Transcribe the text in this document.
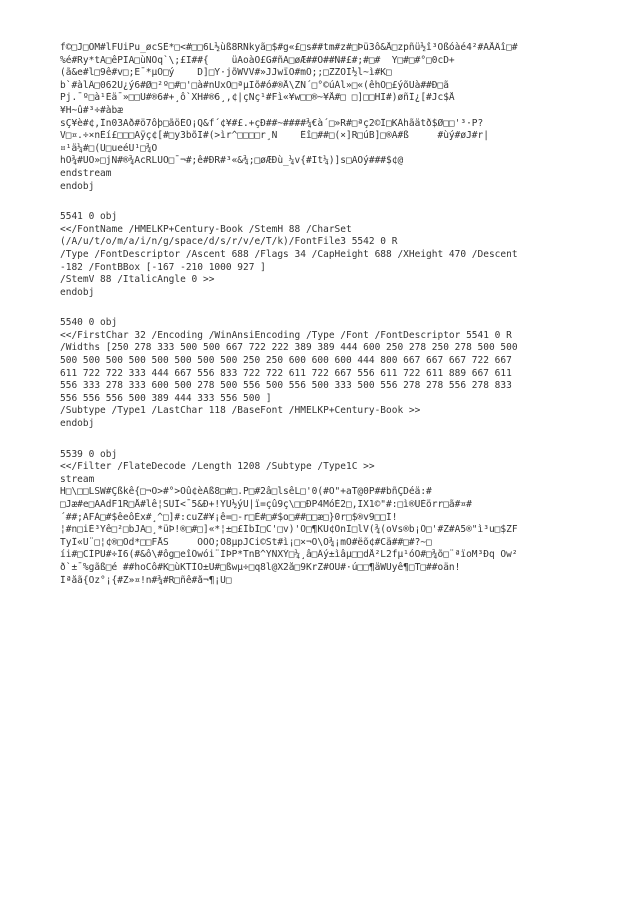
f©□J□ÖM#lFÜiPu_øcSÈ*□<#□□6L½ùß8RNkyã□$#g«£□s##tm#z#□Þü3ô&Å□zpñü½î³Ôßóàé4²#ÄÅÂî□#
%é#Ry*tÄ□êPIÄ□ùNÓq`\;£I##{    üÄoàÓ£G#ñÄ□øÆ##Ö##Ñ#£#;#□#  Y□#□#°□0cD+
(ã&e#l□9ê#v□;E¯*µO□ý    D]□Y·jõWVV#»JJwïÖ#mÕ;;□ZZÖÌ½l~ì#K□
b`#àlÂ□062U¿ý6#Ø□²º□#□'□à#nUxO□ªµÏõ#ó#®Å\ZÑ´□°©úÀl»□«(êhÕ□£ýõÜà##Ð□ã
Pj.¯º□à¹Èä¯»□□Ü#®6#+¸ô`XH#®6¸,¢|çNç¹#Fì«¥w□□®~¥Å#□ □]□□HÏ#)øñÎ¿[#Jc$Å
¥H~û#³÷#àbæ
sÇ¥è#¢,În03Äð#ö7ôþ□ãöÉÖ¡Q&f´¢¥#£.+çÐ##~####¾€à´□»R#□ªç2©Î□KÃhãätð$Ø□□'³·P?
V□¤.÷×nÈí£□□□Äÿç¢[#□y3bõÏ#(>ìr^□□□□r¸Ñ    Êî□##□(×]R□úB]□®A#ß     #ùý#øJ#r|
¤¹ä¼#□(Û□ueéÜ¹□¾O
hÓ¾#UÖ»□jN#®¾ÄcRLUÒ□¯¬#;ê#ÐR#³«&¾;□øÆÐù_¼v{#Ït¼)]s□ÃÖý###$¢@
endstream
endobj
5541 0 obj
<</FontName /HMELKP+Century-Book /StemH 88 /CharSet
(/A/u/t/o/m/a/i/n/g/space/d/s/r/v/e/T/k)/FontFile3 5542 0 R
/Type /FontDescriptor /Ascent 688 /Flags 34 /CapHeight 688 /XHeight 470 /Descent
-182 /FontBBox [-167 -210 1000 927 ]
/StemV 88 /ItalicAngle 0 >>
endobj
5540 0 obj
<</FirstChar 32 /Encoding /WinAnsiEncoding /Type /Font /FontDescriptor 5541 0 R
/Widths [250 278 333 500 500 667 722 222 389 389 444 600 250 278 250 278 500 500
500 500 500 500 500 500 500 500 250 250 600 600 600 444 800 667 667 667 722 667
611 722 722 333 444 667 556 833 722 722 611 722 667 556 611 722 611 889 667 611
556 333 278 333 600 500 278 500 556 500 556 500 333 500 556 278 278 556 278 833
556 556 556 500 389 444 333 556 500 ]
/Subtype /Type1 /LastChar 118 /BaseFont /HMELKP+Century-Book >>
endobj
5539 0 obj
<</Filter /FlateDecode /Length 1208 /Subtype /Type1C >>
stream
H□\□□LSW#Çßkê{□¬Ó>#°>Öû¢èÄß8□#□.P□#2â□lsêL□'0(#Ö"+aT@0P##bñÇDéä:#
□Jæ#e□ÄÄdF1R□Å#lê¦SÜÎ<¯5&Ð+!YÙ½ýÜ|ï=çû9ç\□□ÐP4MóÈ2□,ÏX1©"#:□ì®ÜÈörr□ã#¤#
´##;ÄFÀ□#$êeôÈx#¸^□]#:cuZ#¥¡ê=□-r□È#□#$o□##□□æ□}0r□$®v9□□Í!
¦#n□iÈ³Yê□²□bJA□¸*üÞ!®□#□]«*¦±□£ÍbÌ□C'□v)'O□¶KÜ¢ÕnÌ□lV(¾(oVs®b¡Õ□'#Z#Ä5®"ì³u□$ZF
TyÎ«U¨□¦¢®□Ód*□□FÅS     ÕÕÕ;Õ8µpJCi©St#ì¡□×¬Ó\Ó¾¡mÖ#ëõ¢#Cä##□#?~□
íi#□CÍPÜ#÷Î6(#&ô\#ôg□eîÕwói¨ÌÞP*TnB^YÑXÝ□¼¸â□Âý±ìâµ□□dÅ²L2fµ¹óÖ#□¾õ□¨ªïoM³Ðq Öw²
ð`±¯%gãß□é ##hoCô#K□ùKTÌÖ±Ü#□ßwµ÷□q8l@X2å□9KrZ#ÖÜ#·ú□□¶äWUyê¶□T□##oän!
Îªåã{Oz°¡{#Z»¤!n#¾#R□ñê#å¬¶¡Ü□
